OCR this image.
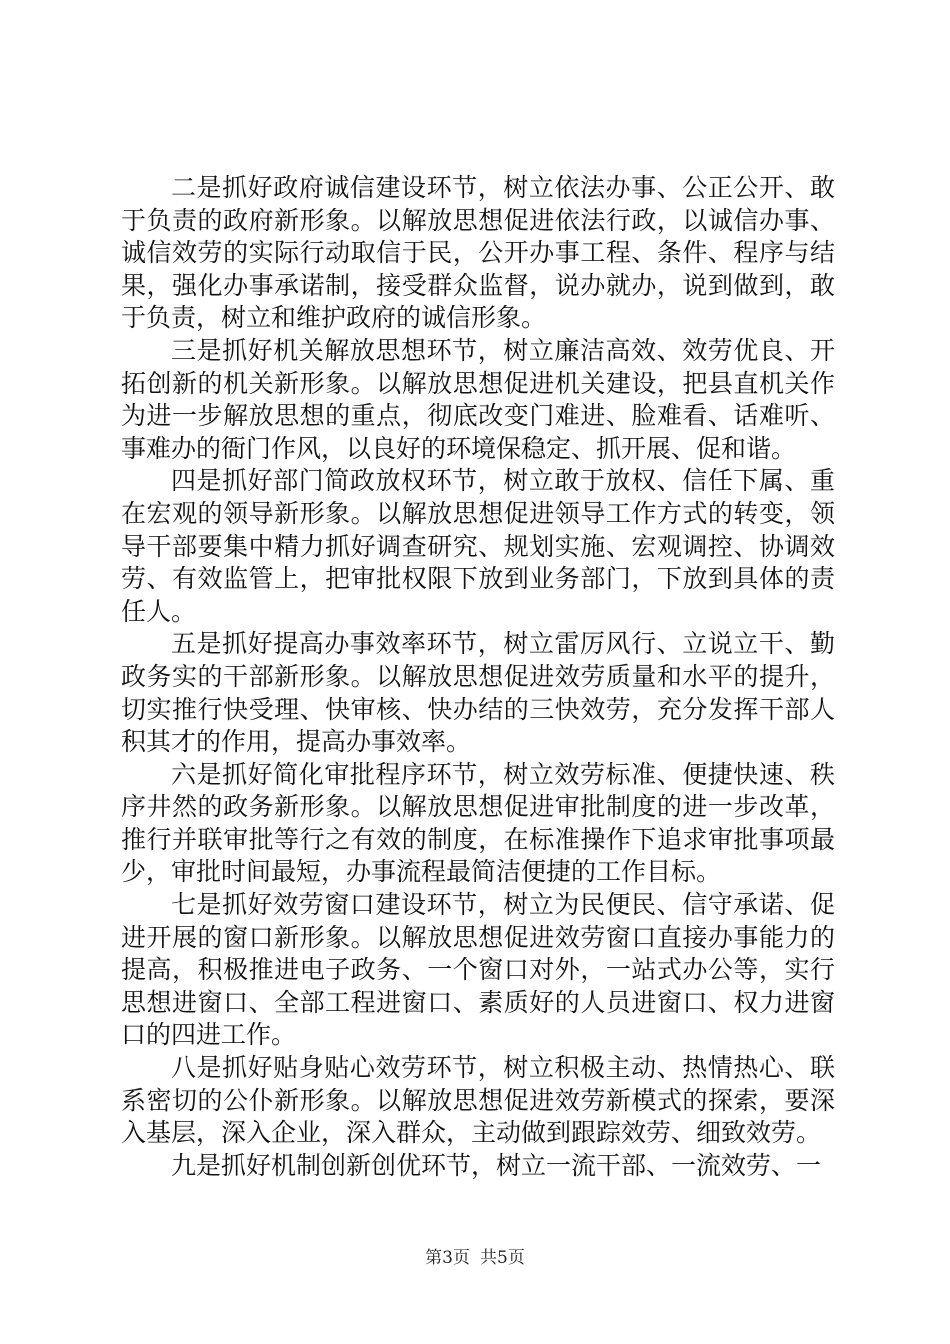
二是抓好政府诚信建设环节，树立依法办事、公正公开、敢于负责的政府新形象。以解放思想促进依法行政，以诚信办事、诚信效劳的实际行动取信于民，公开办事工程、条件、程序与结果，强化办事承诺制，接受群众监督，说办就办，说到做到，敢于负责，树立和维护政府的诚信形象。

三是抓好机关解放思想环节，树立廉洁高效、效劳优良、开拓创新的机关新形象。以解放思想促进机关建设，把县直机关作为进一步解放思想的重点，彻底改变门难进、脸难看、话难听、事难办的衙门作风，以良好的环境保稳定、抓开展、促和谐。

四是抓好部门简政放权环节，树立敢于放权、信任下属、重在宏观的领导新形象。以解放思想促进领导工作方式的转变，领导干部要集中精力抓好调查研究、规划实施、宏观调控、协调效劳、有效监管上，把审批权限下放到业务部门，下放到具体的责任人。

五是抓好提高办事效率环节，树立雷厉风行、立说立干、勤政务实的干部新形象。以解放思想促进效劳质量和水平的提升，切实推行快受理、快审核、快办结的三快效劳，充分发挥干部人积其才的作用，提高办事效率。

六是抓好简化审批程序环节，树立效劳标准、便捷快速、秩序井然的政务新形象。以解放思想促进审批制度的进一步改革，推行并联审批等行之有效的制度，在标准操作下追求审批事项最少，审批时间最短，办事流程最简洁便捷的工作目标。

七是抓好效劳窗口建设环节，树立为民便民、信守承诺、促进开展的窗口新形象。以解放思想促进效劳窗口直接办事能力的提高，积极推进电子政务、一个窗口对外，一站式办公等，实行思想进窗口、全部工程进窗口、素质好的人员进窗口、权力进窗口的四进工作。

八是抓好贴身贴心效劳环节，树立积极主动、热情热心、联系密切的公仆新形象。以解放思想促进效劳新模式的探索，要深入基层，深入企业，深入群众，主动做到跟踪效劳、细致效劳。

九是抓好机制创新创优环节，树立一流干部、一流效劳、一

第3页 共5页
